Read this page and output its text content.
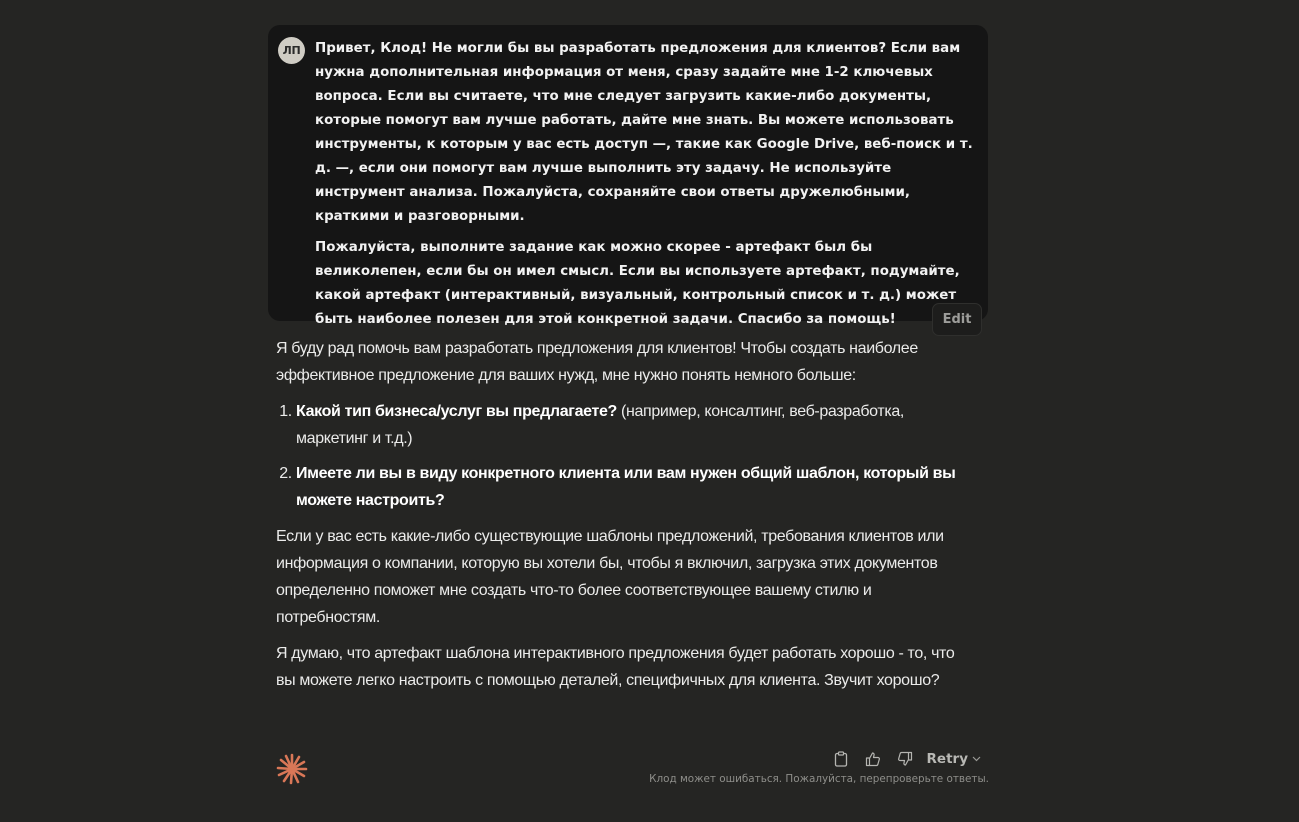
ЛП	Привет, Клод! Не могли бы вы разработать предложения для клиентов? Если вам нужна дополнительная информация от меня, сразу задайте мне 1-2 ключевых вопроса. Если вы считаете, что мне следует загрузить какие-либо документы, которые помогут вам лучше работать, дайте мне знать. Вы можете использовать инструменты, к которым у вас есть доступ —, такие как Google Drive, веб-поиск и т. д. —, если они помогут вам лучше выполнить эту задачу. Не используйте инструмент анализа. Пожалуйста, сохраняйте свои ответы дружелюбными, краткими и разговорными.

Пожалуйста, выполните задание как можно скорее - артефакт был бы великолепен, если бы он имел смысл. Если вы используете артефакт, подумайте, какой артефакт (интерактивный, визуальный, контрольный список и т. д.) может быть наиболее полезен для этой конкретной задачи. Спасибо за помощь!	Edit

Я буду рад помочь вам разработать предложения для клиентов! Чтобы создать наиболее эффективное предложение для ваших нужд, мне нужно понять немного больше:

1. Какой тип бизнеса/услуг вы предлагаете? (например, консалтинг, веб-разработка, маркетинг и т.д.)
2. Имеете ли вы в виду конкретного клиента или вам нужен общий шаблон, который вы можете настроить?

Если у вас есть какие-либо существующие шаблоны предложений, требования клиентов или информация о компании, которую вы хотели бы, чтобы я включил, загрузка этих документов определенно поможет мне создать что-то более соответствующее вашему стилю и потребностям.

Я думаю, что артефакт шаблона интерактивного предложения будет работать хорошо - то, что вы можете легко настроить с помощью деталей, специфичных для клиента. Звучит хорошо?

Retry
Клод может ошибаться. Пожалуйста, перепроверьте ответы.
